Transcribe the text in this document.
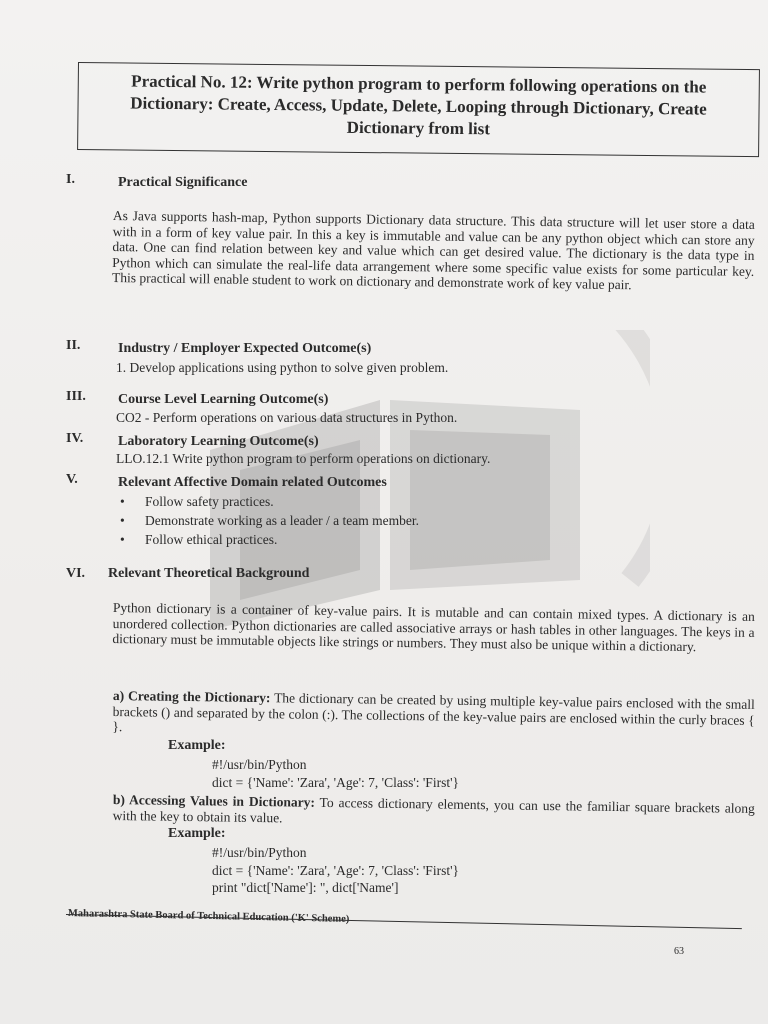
Practical No. 12: Write python program to perform following operations on the

Dictionary: Create, Access, Update, Delete, Looping through Dictionary, Create

Dictionary from list

I.	Practical Significance
As Java supports hash-map, Python supports Dictionary data structure. This data structure will let user store a data with in a form of key value pair. In this a key is immutable and value can be any python object which can store any data. One can find relation between key and value which can get desired value. The dictionary is the data type in Python which can simulate the real-life data arrangement where some specific value exists for some particular key. This practical will enable student to work on dictionary and demonstrate work of key value pair.
II.	Industry / Employer Expected Outcome(s)
1. Develop applications using python to solve given problem.
III. Course Level Learning Outcome(s)
CO2 - Perform operations on various data structures in Python.
IV. Laboratory Learning Outcome(s)
LLO.12.1 Write python program to perform operations on dictionary.
V.	Relevant Affective Domain related Outcomes
• Follow safety practices.
• Demonstrate working as a leader / a team member.
• Follow ethical practices.
VI. Relevant Theoretical Background
Python dictionary is a container of key-value pairs. It is mutable and can contain mixed types. A dictionary is an unordered collection. Python dictionaries are called associative arrays or hash tables in other languages. The keys in a dictionary must be immutable objects like strings or numbers. They must also be unique within a dictionary.
a) Creating the Dictionary: The dictionary can be created by using multiple key-value pairs enclosed with the small brackets () and separated by the colon (:). The collections of the key-value pairs are enclosed within the curly braces { }.
Example:
#!/usr/bin/Python
dict = {'Name': 'Zara', 'Age': 7, 'Class': 'First'}
b) Accessing Values in Dictionary: To access dictionary elements, you can use the familiar square brackets along with the key to obtain its value.
Example:
#!/usr/bin/Python
dict = {'Name': 'Zara', 'Age': 7, 'Class': 'First'}
print "dict['Name']: ", dict['Name']
Maharashtra State Board of Technical Education ('K' Scheme)
63
